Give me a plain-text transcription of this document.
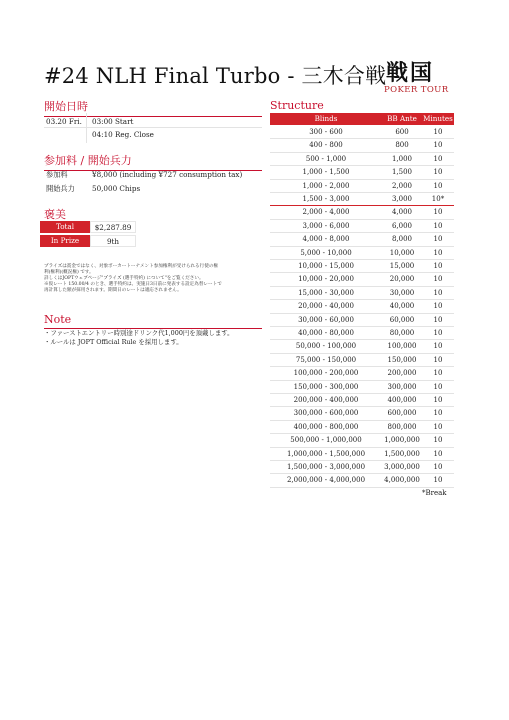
#24 NLH Final Turbo - 三木合戦 -
戦国
POKER TOUR
開始日時
03.20 Fri. 03:00 Start
04:10 Reg. Close
参加料 / 開始兵力
参加料	¥8,000 (including ¥727 consumption tax)
開始兵力 50,000 Chips
褒美
Total	$2,287.89
In Prize	9th
プライズは賞金ではなく、対象ポーカートーナメント参加権利が受けられる行使の権
利(権利)(概況権) です。
詳しくはJOPTウェブページ"プライズ (選手特約) について"をご覧ください。
※仮レート 150.00/4 のとき、選手特約は、実施日3日前に発表する設定為替レートで
再計算した額が採用されます。期間日のレートは適応されません。
Note
・ファーストエントリー時別途ドリンク代1,000円を頂戴します。
・ルールは JOPT Official Rule を採用します。
Structure
Blinds	BB Ante Minutes
300 - 600	600	10
400 - 800	800	10
500 - 1,000	1,000	10
1,000 - 1,500	1,500	10
1,000 - 2,000	2,000	10
1,500 - 3,000	3,000	10*
2,000 - 4,000	4,000	10
3,000 - 6,000	6,000	10
4,000 - 8,000	8,000	10
5,000 - 10,000	10,000	10
10,000 - 15,000	15,000	10
10,000 - 20,000	20,000	10
15,000 - 30,000	30,000	10
20,000 - 40,000	40,000	10
30,000 - 60,000	60,000	10
40,000 - 80,000	80,000	10
50,000 - 100,000	100,000	10
75,000 - 150,000	150,000	10
100,000 - 200,000	200,000	10
150,000 - 300,000	300,000	10
200,000 - 400,000	400,000	10
300,000 - 600,000	600,000	10
400,000 - 800,000	800,000	10
500,000 - 1,000,000	1,000,000	10
1,000,000 - 1,500,000	1,500,000	10
1,500,000 - 3,000,000	3,000,000	10
2,000,000 - 4,000,000	4,000,000	10
*Break
